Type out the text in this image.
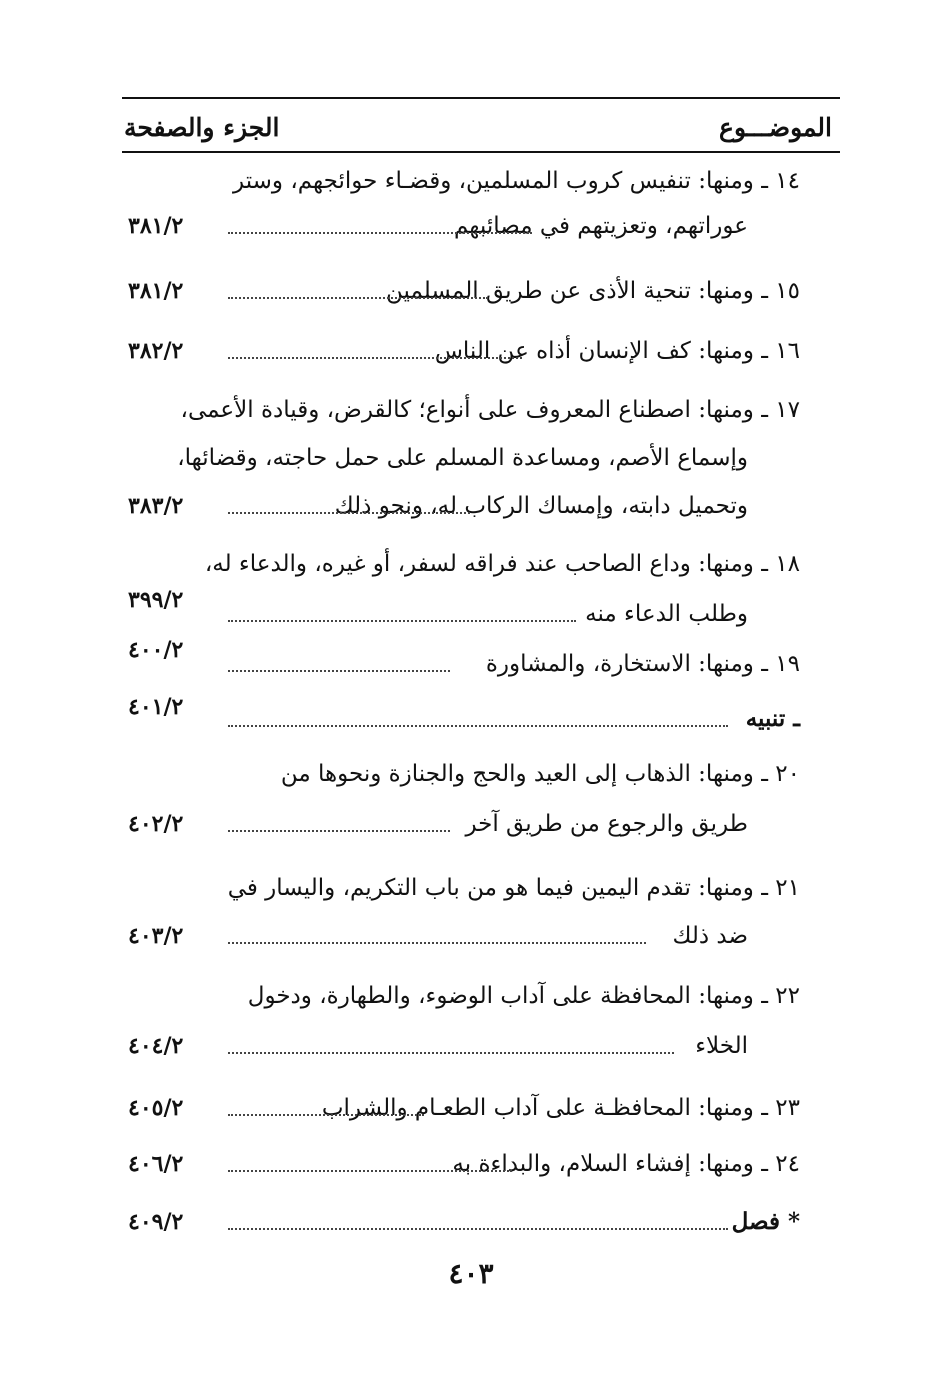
الموضـــوع
الجزء والصفحة
١٤ ـ ومنها: تنفيس كروب المسلمين، وقضـاء حوائجهم، وستر
عوراتهم، وتعزيتهم في مصائبهم
٣٨١/٢
١٥ ـ ومنها: تنحية الأذى عن طريق المسلمين
٣٨١/٢
١٦ ـ ومنها: كف الإنسان أذاه عن الناس
٣٨٢/٢
١٧ ـ ومنها: اصطناع المعروف على أنواع؛ كالقرض، وقيادة الأعمى،
وإسماع الأصم، ومساعدة المسلم على حمل حاجته، وقضائها،
وتحميل دابته، وإمساك الركاب له، ونحو ذلك
٣٨٣/٢
١٨ ـ ومنها: وداع الصاحب عند فراقه لسفر، أو غيره، والدعاء له،
وطلب الدعاء منه
٣٩٩/٢
١٩ ـ ومنها: الاستخارة، والمشاورة
٤٠٠/٢
ـ تنبيه
٤٠١/٢
٢٠ ـ ومنها: الذهاب إلى العيد والحج والجنازة ونحوها من
طريق والرجوع من طريق آخر
٤٠٢/٢
٢١ ـ ومنها: تقدم اليمين فيما هو من باب التكريم، واليسار في
ضد ذلك
٤٠٣/٢
٢٢ ـ ومنها: المحافظة على آداب الوضوء، والطهارة، ودخول
الخلاء
٤٠٤/٢
٢٣ ـ ومنها: المحافظـة على آداب الطعـام والشراب
٤٠٥/٢
٢٤ ـ ومنها: إفشاء السلام، والبداءة به
٤٠٦/٢
* فصل
٤٠٩/٢
٤٠٣
